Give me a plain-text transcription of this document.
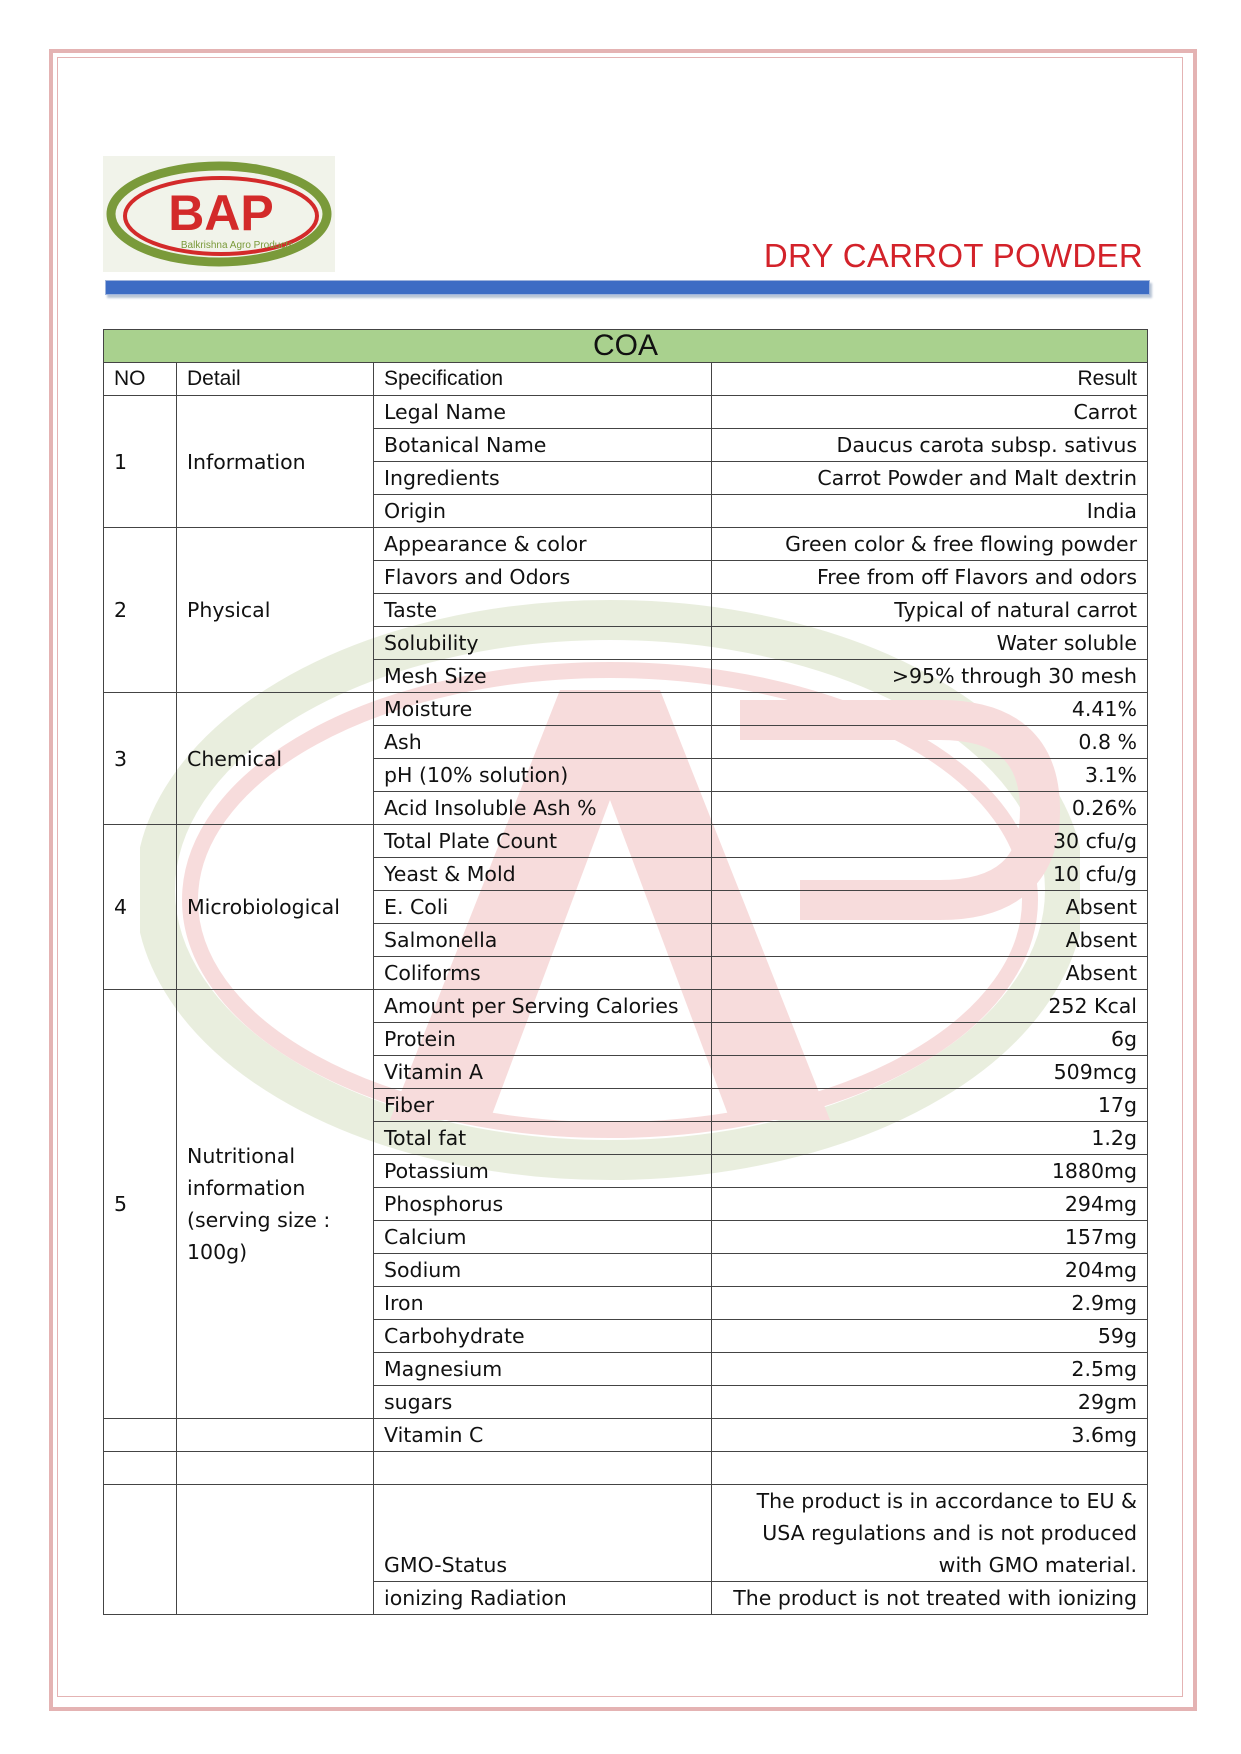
BAP
Balkrishna Agro Products	DRY CARROT POWDER
COA			
NO	Detail	Specification	Result
1	Information	Legal Name	Carrot
		Botanical Name	Daucus carota subsp. sativus
		Ingredients	Carrot Powder and Malt dextrin
		Origin	India
2	Physical	Appearance & color	Green color & free flowing powder
		Flavors and Odors	Free from off Flavors and odors
		Taste	Typical of natural carrot
		Solubility	Water soluble
		Mesh Size	>95% through 30 mesh
3	Chemical	Moisture	4.41%
		Ash	0.8 %
		pH (10% solution)	3.1%
		Acid Insoluble Ash %	0.26%
4	Microbiological	Total Plate Count	30 cfu/g
		Yeast & Mold	10 cfu/g
		E. Coli	Absent
		Salmonella	Absent
		Coliforms	Absent
5	Nutritional information (serving size : 100g)	Amount per Serving Calories	252 Kcal
		Protein	6g
		Vitamin A	509mcg
		Fiber	17g
		Total fat	1.2g
		Potassium	1880mg
		Phosphorus	294mg
		Calcium	157mg
		Sodium	204mg
		Iron	2.9mg
		Carbohydrate	59g
		Magnesium	2.5mg
		sugars	29gm
		Vitamin C	3.6mg

		GMO-Status	The product is in accordance to EU &
USA regulations and is not produced
with GMO material.

		ionizing Radiation	The product is not treated with ionizing
